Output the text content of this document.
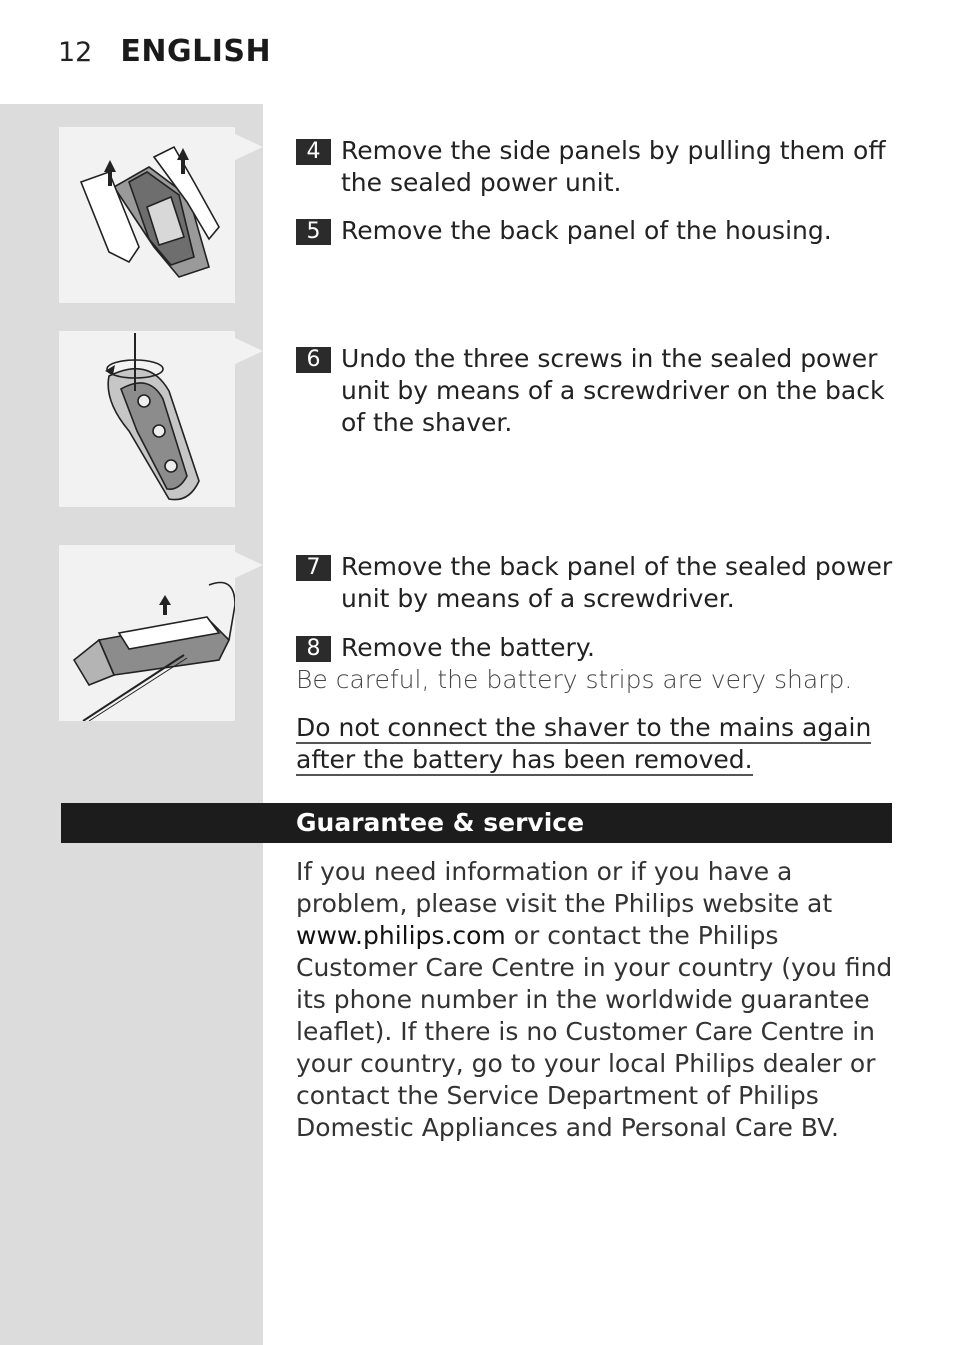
12 ENGLISH
4 Remove the side panels by pulling them off the sealed power unit.
5 Remove the back panel of the housing.
6 Undo the three screws in the sealed power unit by means of a screwdriver on the back of the shaver.
7 Remove the back panel of the sealed power unit by means of a screwdriver.
8 Remove the battery.
Be careful, the battery strips are very sharp.
Do not connect the shaver to the mains again after the battery has been removed.
Guarantee & service
If you need information or if you have a problem, please visit the Philips website at www.philips.com or contact the Philips Customer Care Centre in your country (you find its phone number in the worldwide guarantee leaflet). If there is no Customer Care Centre in your country, go to your local Philips dealer or contact the Service Department of Philips Domestic Appliances and Personal Care BV.
